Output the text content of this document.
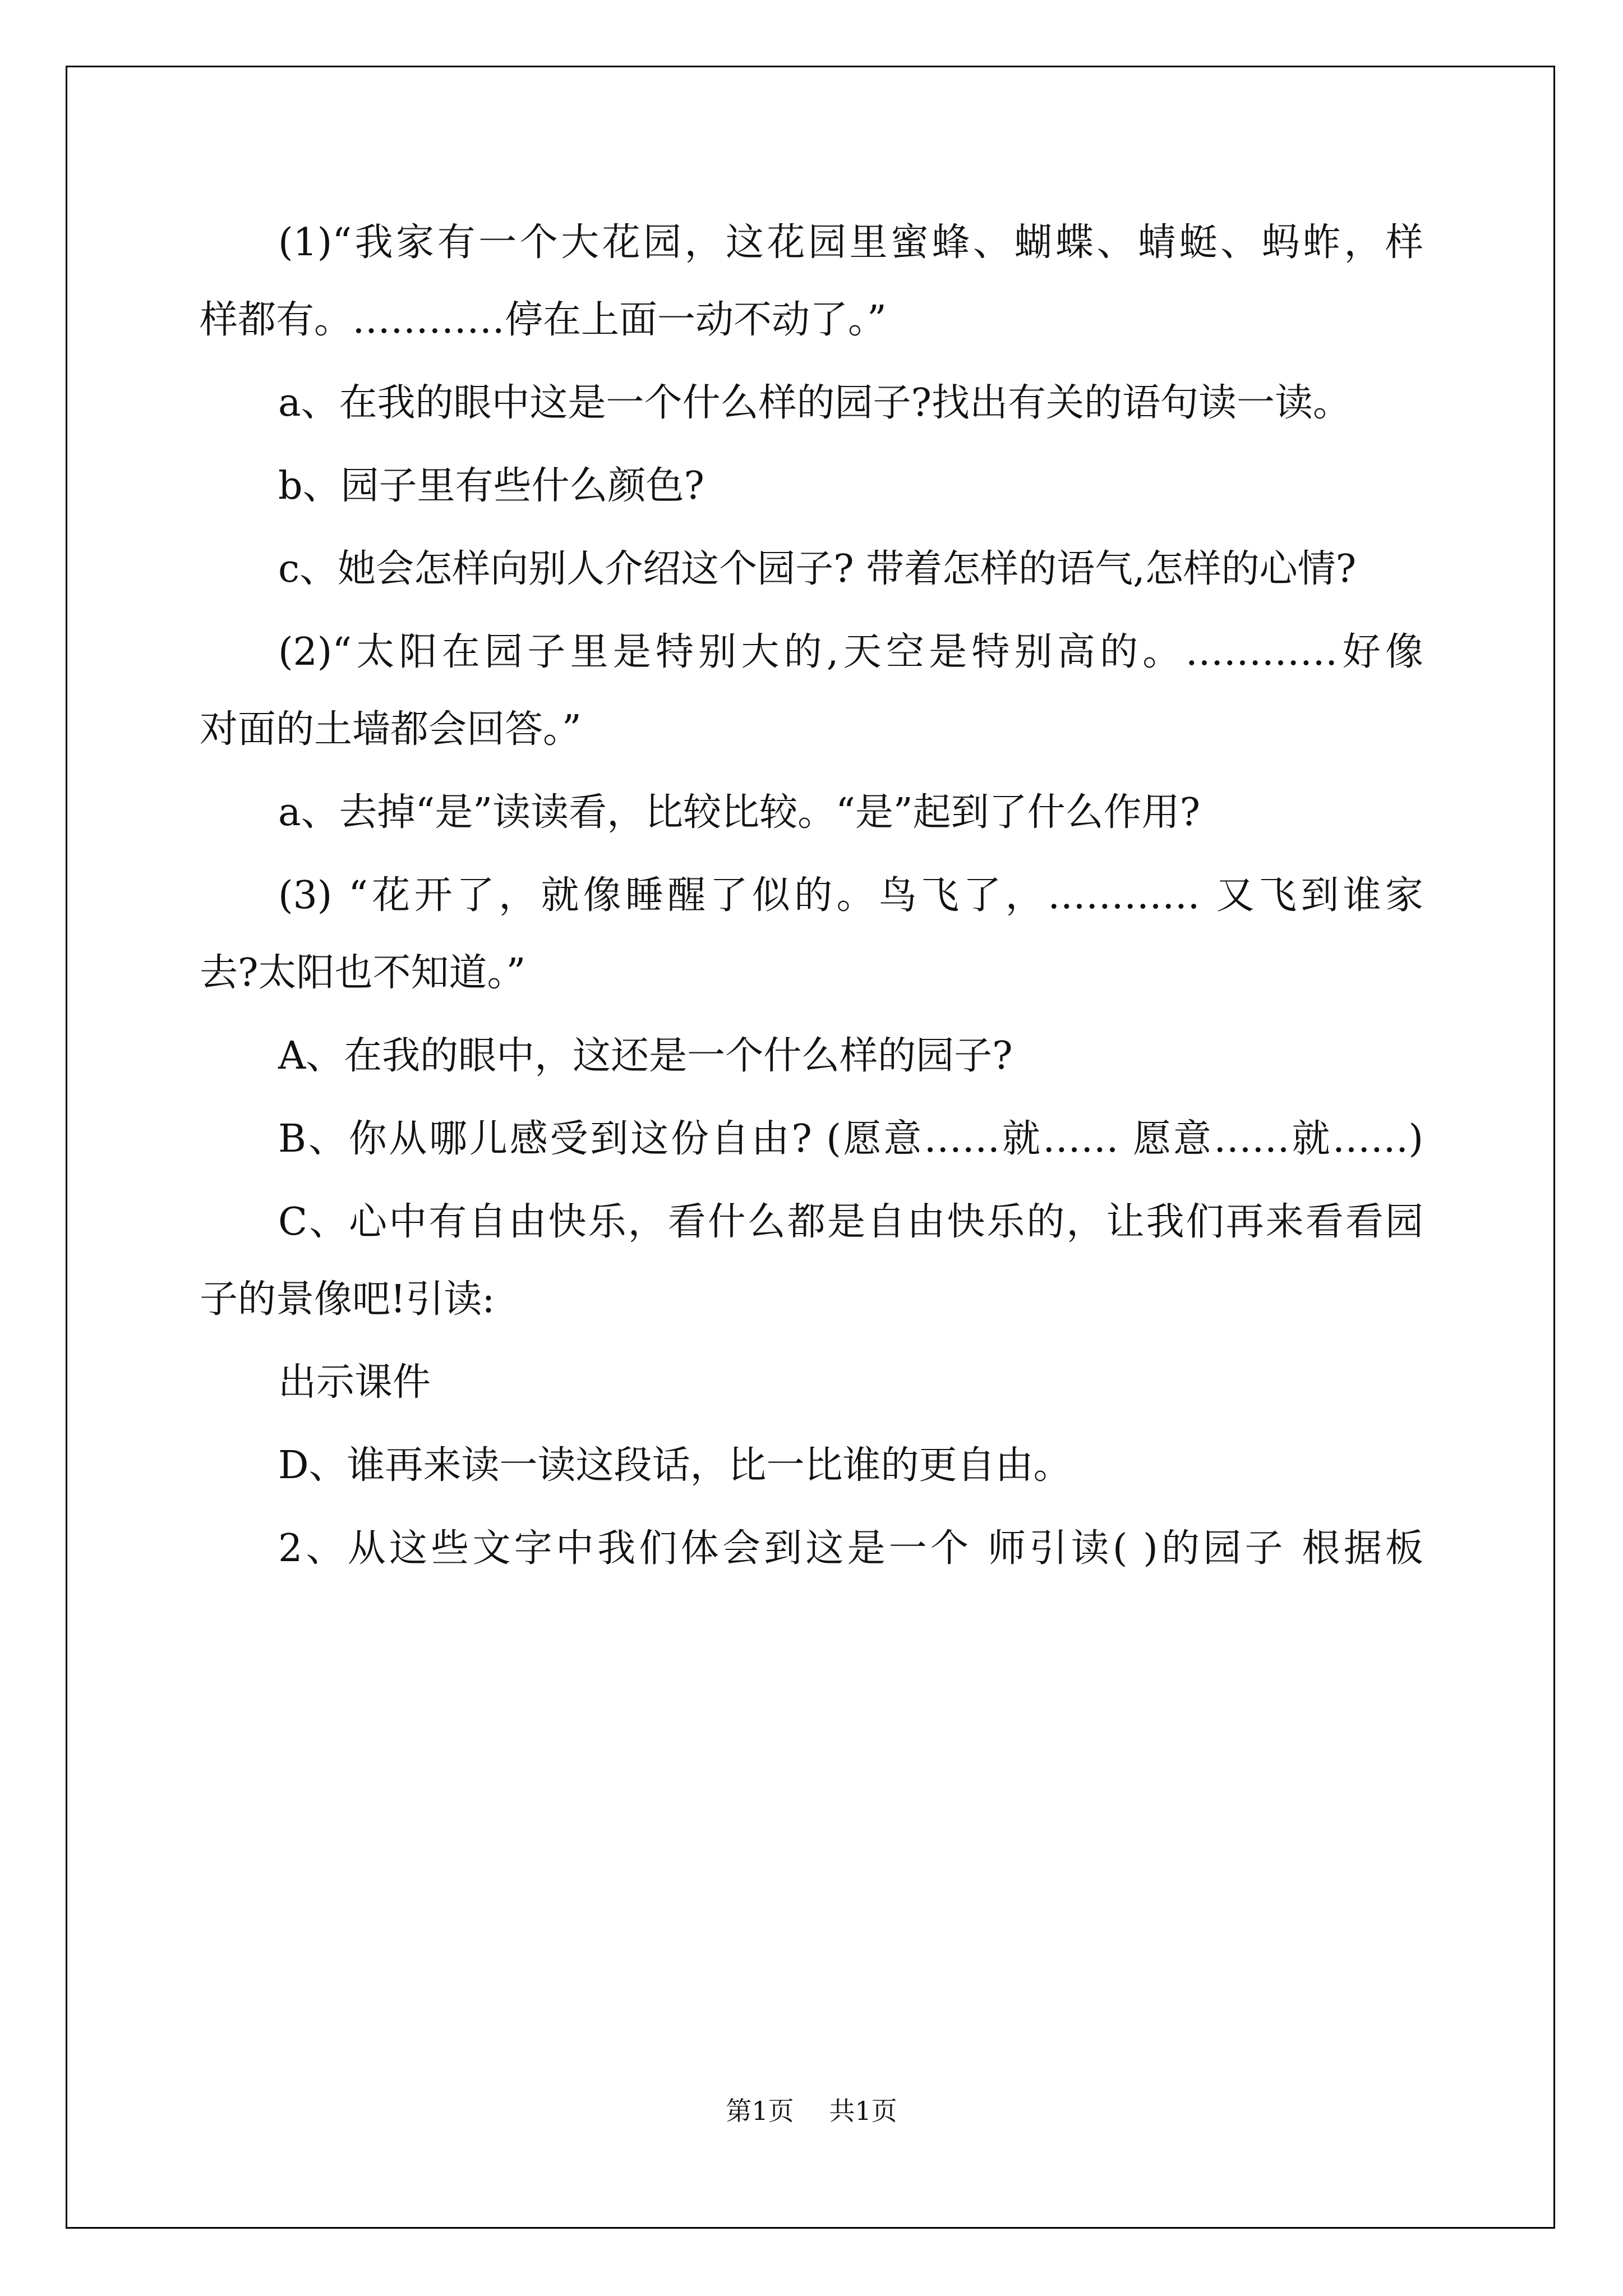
(1)“我家有一个大花园，这花园里蜜蜂、蝴蝶、蜻蜓、蚂蚱，样
样都有。…………停在上面一动不动了。”
a、在我的眼中这是一个什么样的园子?找出有关的语句读一读。
b、园子里有些什么颜色?
c、她会怎样向别人介绍这个园子? 带着怎样的语气,怎样的心情?
(2)“太阳在园子里是特别大的,天空是特别高的。…………好像
对面的土墙都会回答。”
a、去掉“是”读读看，比较比较。“是”起到了什么作用?
(3) “花开了，就像睡醒了似的。鸟飞了，………… 又飞到谁家
去?太阳也不知道。”
A、在我的眼中，这还是一个什么样的园子?
B、你从哪儿感受到这份自由? (愿意……就…… 愿意……就……)
C、心中有自由快乐，看什么都是自由快乐的，让我们再来看看园
子的景像吧!引读:
出示课件
D、谁再来读一读这段话，比一比谁的更自由。
2、从这些文字中我们体会到这是一个 师引读( )的园子 根据板
第1页 共1页
